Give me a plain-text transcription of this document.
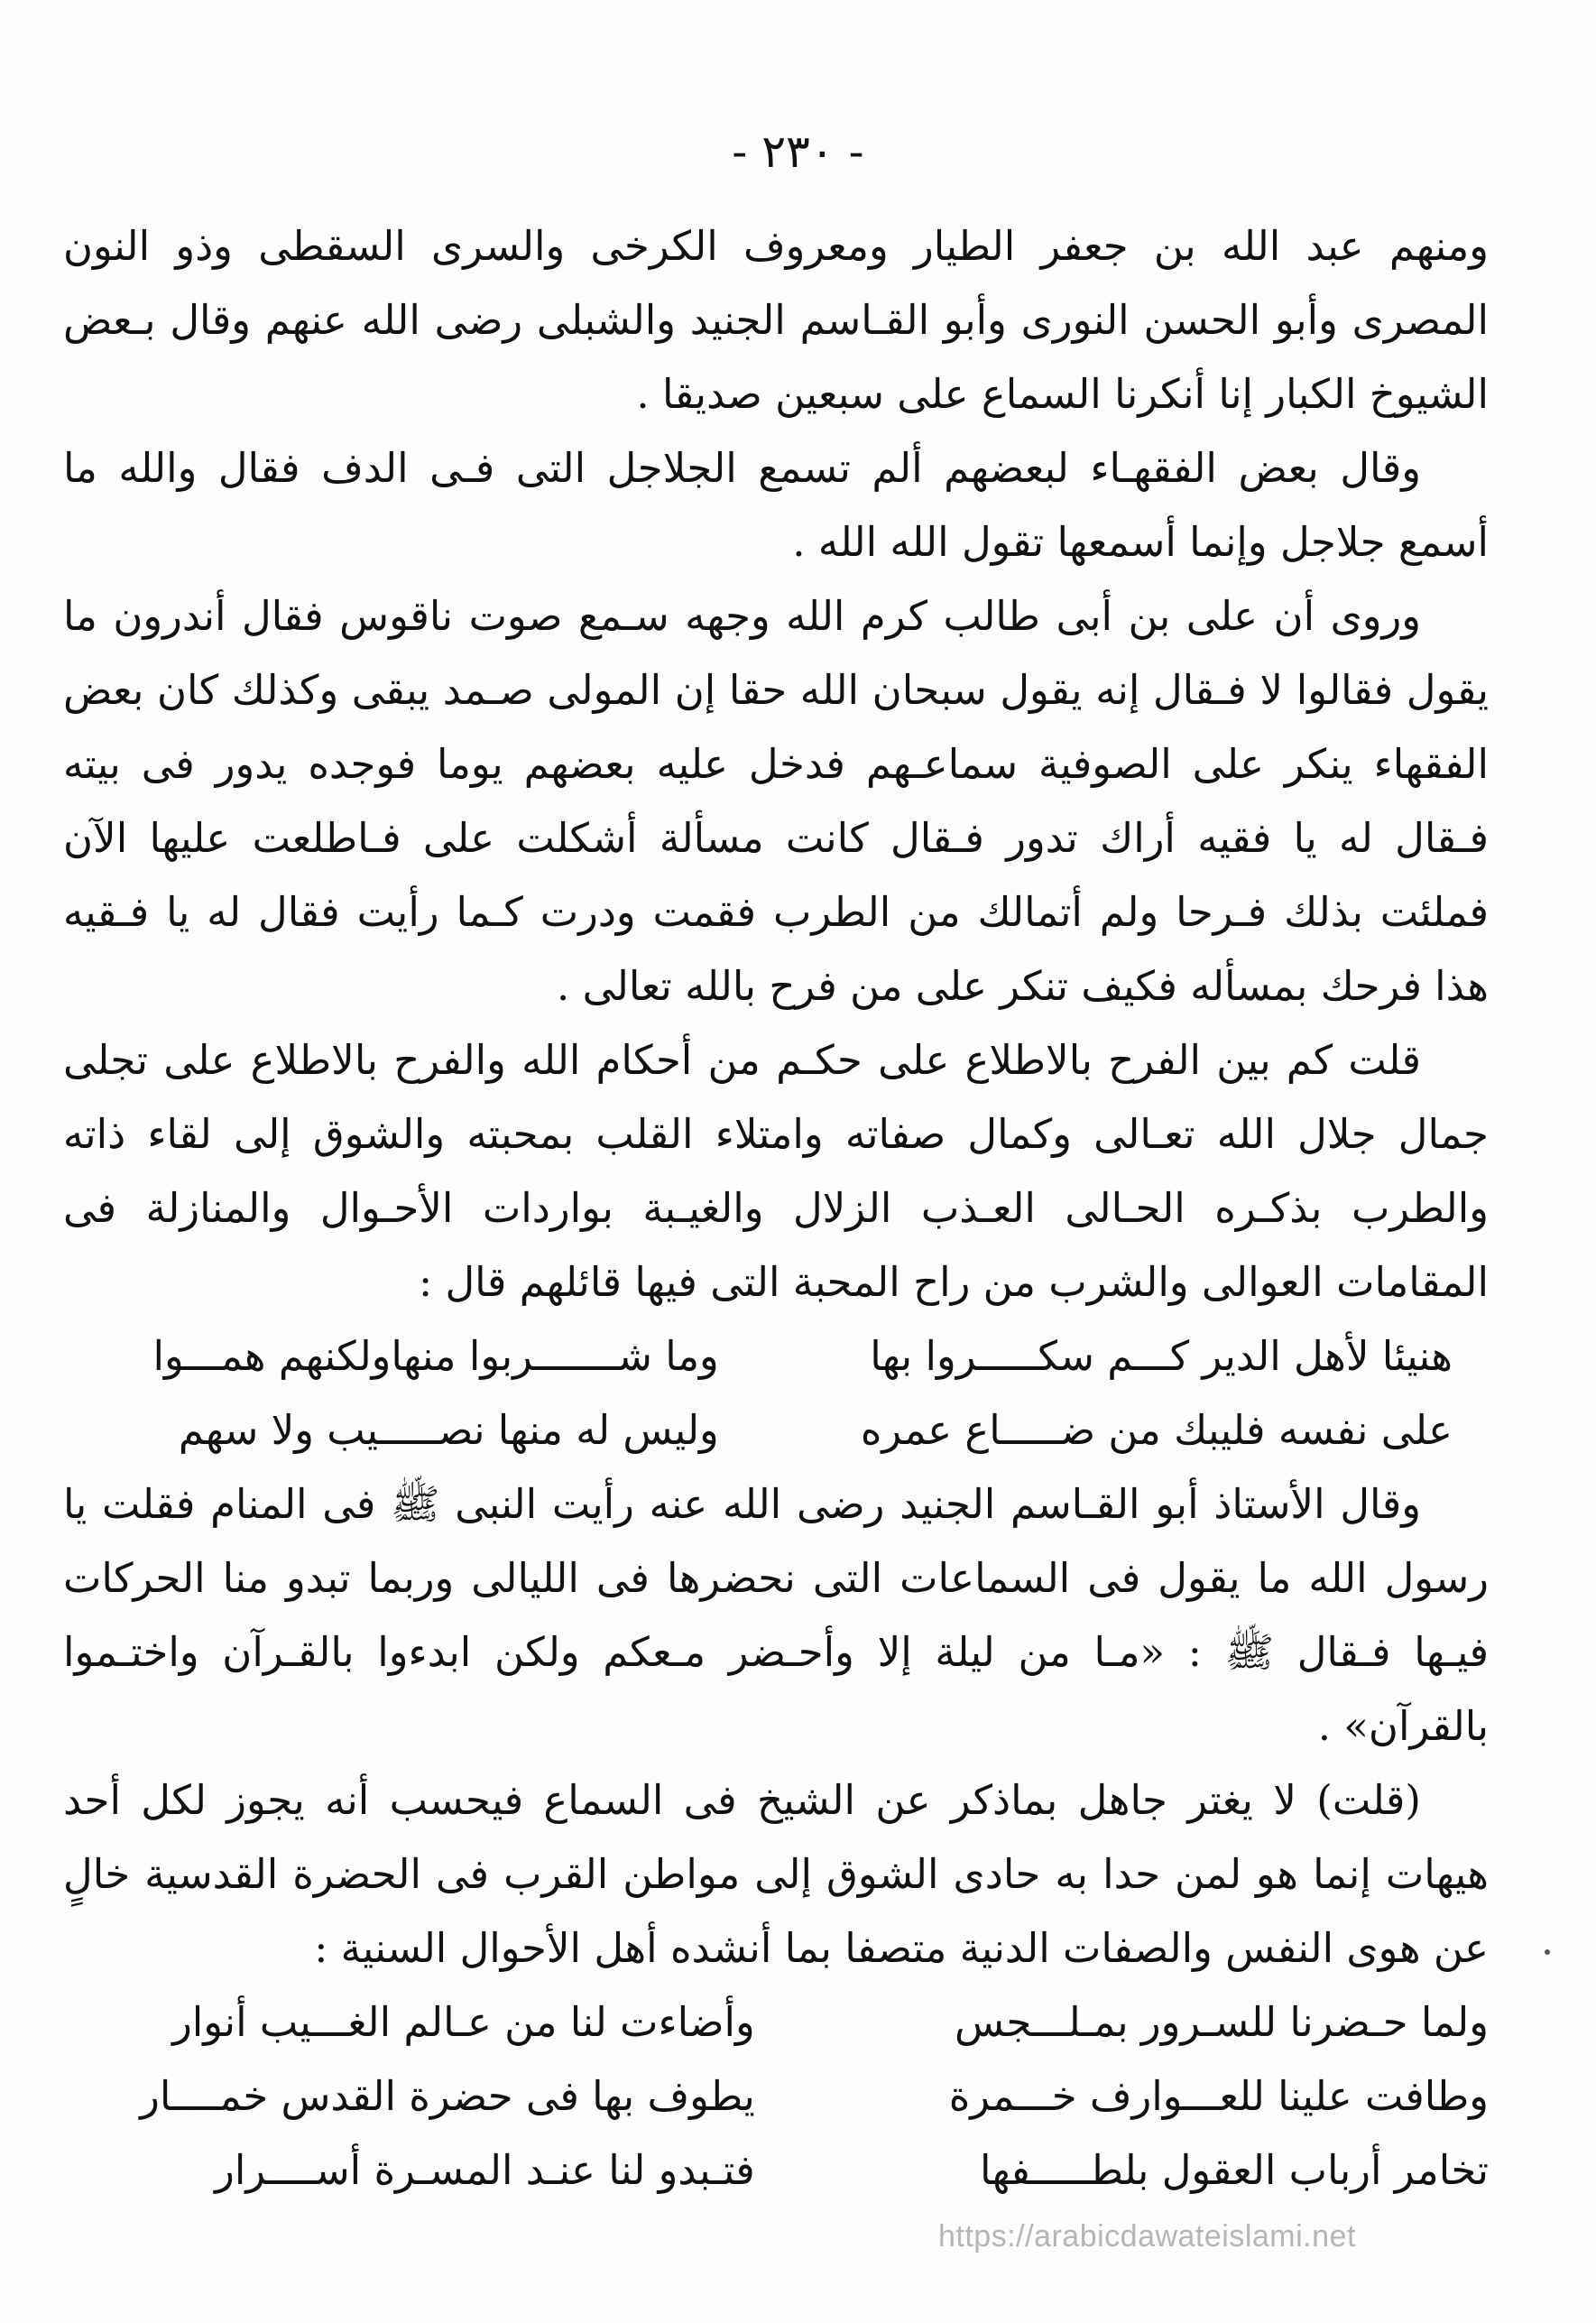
- ٢٣٠ -

ومنهم عبد الله بن جعفر الطيار ومعروف الكرخى والسرى السقطى وذو النون المصرى وأبو الحسن النورى وأبو القـاسم الجنيد والشبلى رضى الله عنهم وقال بـعض الشيوخ الكبار إنا أنكرنا السماع على سبعين صديقا .

وقال بعض الفقهـاء لبعضهم ألم تسمع الجلاجل التى فـى الدف فقال والله ما أسمع جلاجل وإنما أسمعها تقول الله الله .

وروى أن على بن أبى طالب كرم الله وجهه سـمع صوت ناقوس فقال أندرون ما يقول فقالوا لا فـقال إنه يقول سبحان الله حقا إن المولى صـمد يبقى وكذلك كان بعض الفقهاء ينكر على الصوفية سماعـهم فدخل عليه بعضهم يوما فوجده يدور فى بيته فـقال له يا فقيه أراك تدور فـقال كانت مسألة أشكلت على فـاطلعت عليها الآن فملئت بذلك فـرحا ولم أتمالك من الطرب فقمت ودرت كـما رأيت فقال له يا فـقيه هذا فرحك بمسأله فكيف تنكر على من فرح بالله تعالى .

قلت كم بين الفرح بالاطلاع على حكـم من أحكام الله والفرح بالاطلاع على تجلى جمال جلال الله تعـالى وكمال صفاته وامتلاء القلب بمحبته والشوق إلى لقاء ذاته والطرب بذكـره الحـالى العـذب الزلال والغيـبة بواردات الأحـوال والمنازلة فى المقامات العوالى والشرب من راح المحبة التى فيها قائلهم قال :

هنيئا لأهل الدير كـــم سكـــــروا بها
وما شـــــــربوا منهاولكنهم همـــوا
على نفسه فليبك من ضـــــاع عمره
وليس له منها نصـــــيب ولا سهم

وقال الأستاذ أبو القـاسم الجنيد رضى الله عنه رأيت النبى ﷺ فى المنام فقلت يا رسول الله ما يقول فى السماعات التى نحضرها فى الليالى وربما تبدو منا الحركات فيـها فـقال ﷺ : «مـا من ليلة إلا وأحـضر مـعكم ولكن ابدءوا بالقـرآن واختـموا بالقرآن» .

(قلت) لا يغتر جاهل بماذكر عن الشيخ فى السماع فيحسب أنه يجوز لكل أحد هيهات إنما هو لمن حدا به حادى الشوق إلى مواطن القرب فى الحضرة القدسية خالٍ عن هوى النفس والصفات الدنية متصفا بما أنشده أهل الأحوال السنية :

ولما حـضرنا للسـرور بمـلـــجس
وأضاءت لنا من عـالم الغـــيب أنوار
وطافت علينا للعـــوارف خـــمرة
يطوف بها فى حضرة القدس خمــــار
تخامر أرباب العقول بلطـــــفها
فتـبدو لنا عنـد المسـرة أســــرار
https://arabicdawateislami.net
